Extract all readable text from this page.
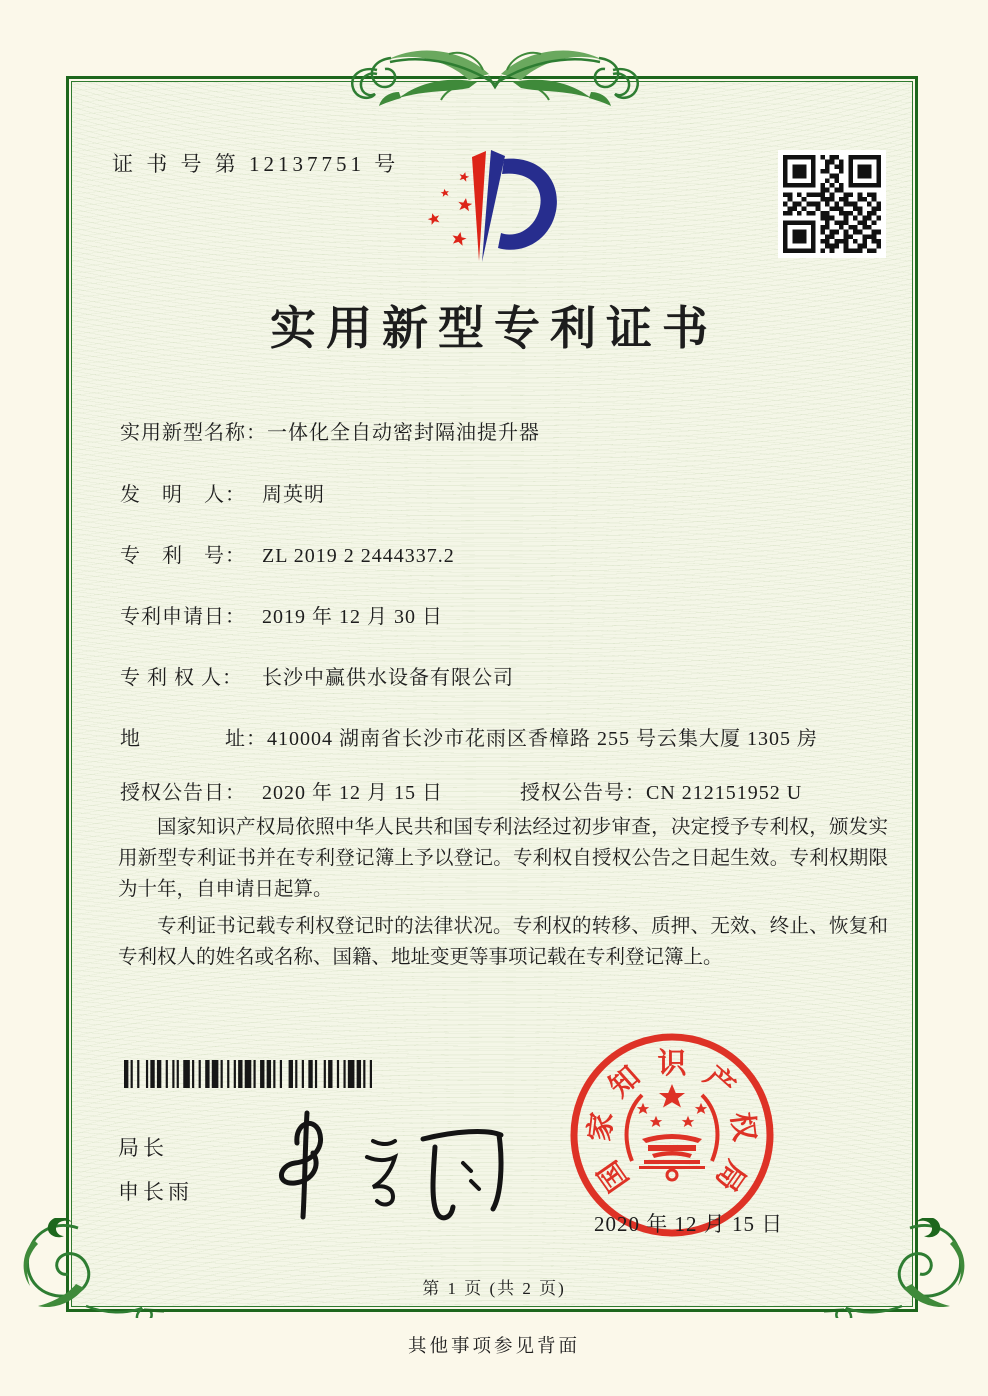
证 书 号 第 12137751 号
实用新型专利证书
实用新型名称：一体化全自动密封隔油提升器
发　明　人： 周英明
专　利　号： ZL 2019 2 2444337.2
专利申请日： 2019 年 12 月 30 日
专 利 权 人： 长沙中赢供水设备有限公司
地　　　　址：410004 湖南省长沙市花雨区香樟路 255 号云集大厦 1305 房
授权公告日： 2020 年 12 月 15 日	授权公告号：CN 212151952 U

国家知识产权局依照中华人民共和国专利法经过初步审查，决定授予专利权，颁发实用新型专利证书并在专利登记簿上予以登记。专利权自授权公告之日起生效。专利权期限为十年，自申请日起算。

专利证书记载专利权登记时的法律状况。专利权的转移、质押、无效、终止、恢复和专利权人的姓名或名称、国籍、地址变更等事项记载在专利登记簿上。

局长
申长雨	国
家
知 识 产
权
局
2020 年 12 月 15 日
第 1 页 (共 2 页)
其他事项参见背面
